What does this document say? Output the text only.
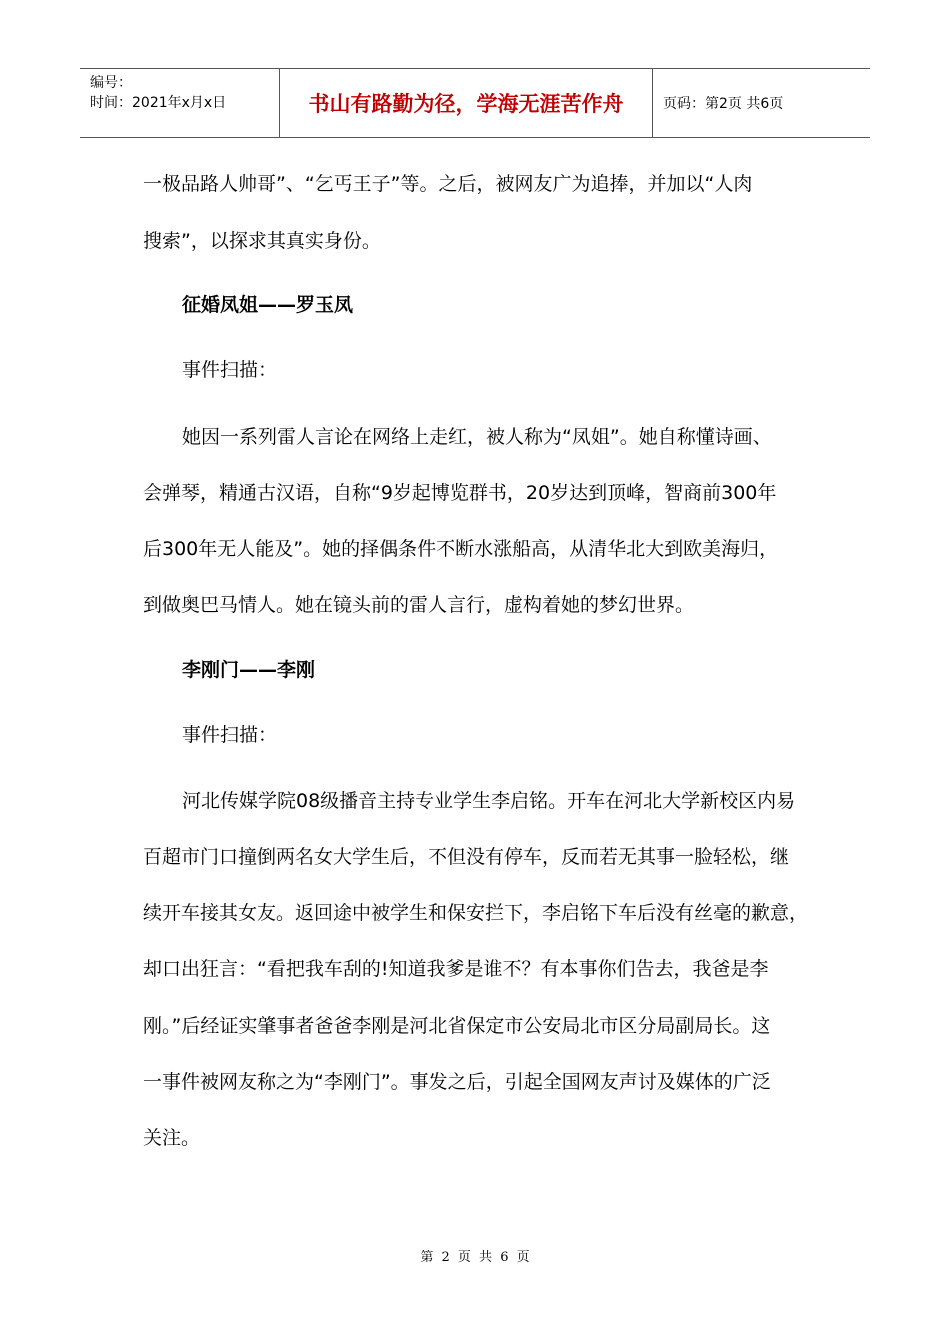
编号：
时间：2021年x月x日	书山有路勤为径，学海无涯苦作舟	页码：第2页 共6页
一极品路人帅哥”、“乞丐王子”等。之后，被网友广为追捧，并加以“人肉
搜索”，以探求其真实身份。
征婚凤姐——罗玉凤
事件扫描：
她因一系列雷人言论在网络上走红，被人称为“凤姐”。她自称懂诗画、
会弹琴，精通古汉语，自称“9岁起博览群书，20岁达到顶峰，智商前300年
后300年无人能及”。她的择偶条件不断水涨船高，从清华北大到欧美海归，
到做奥巴马情人。她在镜头前的雷人言行，虚构着她的梦幻世界。
李刚门——李刚
事件扫描：
河北传媒学院08级播音主持专业学生李启铭。开车在河北大学新校区内易
百超市门口撞倒两名女大学生后，不但没有停车，反而若无其事一脸轻松，继
续开车接其女友。返回途中被学生和保安拦下，李启铭下车后没有丝毫的歉意，
却口出狂言：“看把我车刮的!知道我爹是谁不？有本事你们告去，我爸是李
刚。”后经证实肇事者爸爸李刚是河北省保定市公安局北市区分局副局长。这
一事件被网友称之为“李刚门”。事发之后，引起全国网友声讨及媒体的广泛
关注。
第 2 页 共 6 页
